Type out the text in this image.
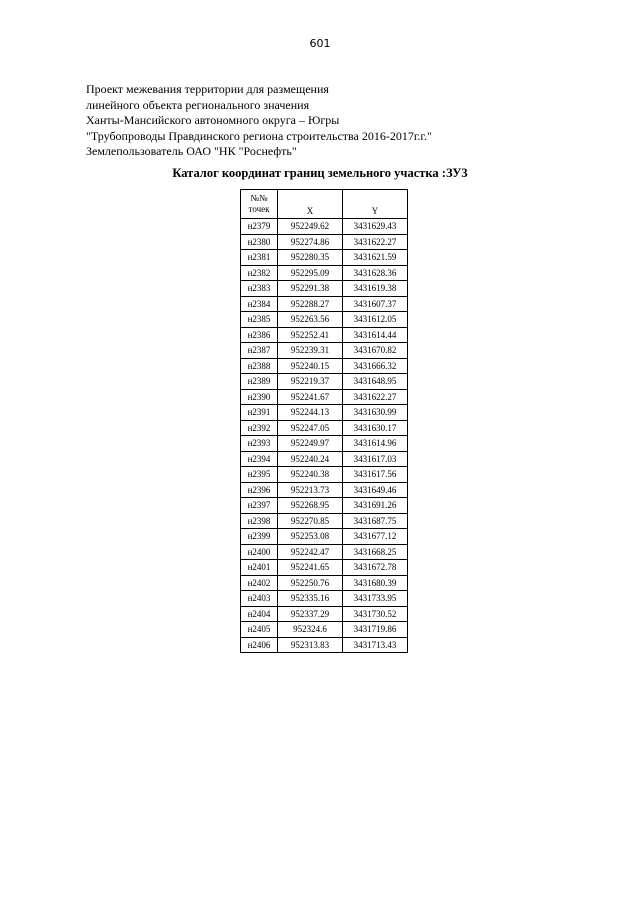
601
Проект межевания территории для размещения
линейного объекта регионального значения
Ханты-Мансийского автономного округа – Югры
"Трубопроводы Правдинского региона строительства 2016-2017г.г."
Землепользователь ОАО "НК "Роснефть"
Каталог координат границ земельного участка :ЗУ3
№№
точек	X	Y
н2379	952249.62	3431629.43
н2380	952274.86	3431622.27
н2381	952280.35	3431621.59
н2382	952295.09	3431628.36
н2383	952291.38	3431619.38
н2384	952288.27	3431607.37
н2385	952263.56	3431612.05
н2386	952252.41	3431614.44
н2387	952239.31	3431670.82
н2388	952240.15	3431666.32
н2389	952219.37	3431648.95
н2390	952241.67	3431622.27
н2391	952244.13	3431630.99
н2392	952247.05	3431630.17
н2393	952249.97	3431614.96
н2394	952240.24	3431617.03
н2395	952240.38	3431617.56
н2396	952213.73	3431649.46
н2397	952268.95	3431691.26
н2398	952270.85	3431687.75
н2399	952253.08	3431677.12
н2400	952242.47	3431668.25
н2401	952241.65	3431672.78
н2402	952250.76	3431680.39
н2403	952335.16	3431733.95
н2404	952337.29	3431730.52
н2405	952324.6	3431719.86
н2406	952313.83	3431713.43
